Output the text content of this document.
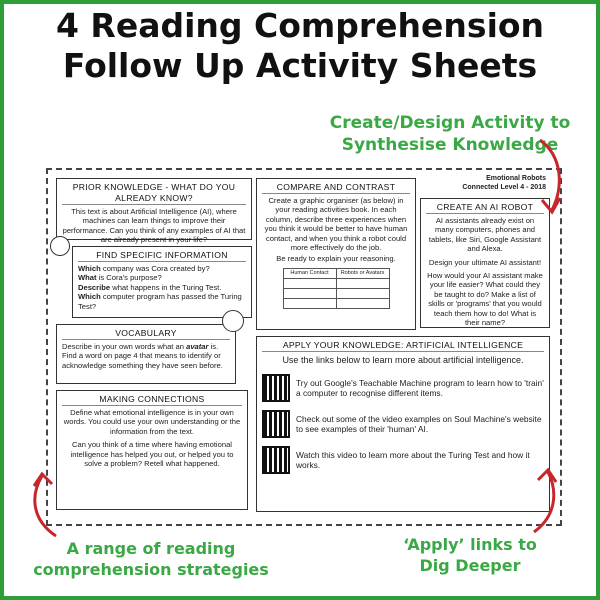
4 Reading Comprehension
Follow Up Activity Sheets
Create/Design Activity to
Synthesise Knowledge
Emotional Robots
Connected Level 4 - 2018
PRIOR KNOWLEDGE - WHAT DO YOU ALREADY KNOW?

This text is about Artificial Intelligence (AI), where machines can learn things to improve their performance. Can you think of any examples of AI that are already present in your life?

FIND SPECIFIC INFORMATION
Which company was Cora created by?
What is Cora's purpose?
Describe what happens in the Turing Test.
Which computer program has passed the Turing Test?
VOCABULARY
Describe in your own words what an avatar is. Find a word on page 4 that means to identify or acknowledge something they have seen before.
MAKING CONNECTIONS

Define what emotional intelligence is in your own words. You could use your own understanding or the information from the text.

Can you think of a time where having emotional intelligence has helped you out, or helped you to solve a problem? Retell what happened.

COMPARE AND CONTRAST

Create a graphic organiser (as below) in your reading activities book. In each column, describe three experiences when you think it would be better to have human contact, and when you think a robot could more effectively do the job.

Be ready to explain your reasoning.

Human Contact	Robots or Avatars

CREATE AN AI ROBOT

AI assistants already exist on many computers, phones and tablets, like Siri, Google Assistant and Alexa.

Design your ultimate AI assistant!

How would your AI assistant make your life easier? What could they be taught to do? Make a list of skills or 'programs' that you would teach them how to do! What is their name?

APPLY YOUR KNOWLEDGE: ARTIFICIAL INTELLIGENCE

Use the links below to learn more about artificial intelligence.

Try out Google's Teachable Machine program to learn how to 'train' a computer to recognise different items.
Check out some of the video examples on Soul Machine's website to see examples of their 'human' AI.
Watch this video to learn more about the Turing Test and how it works.
A range of reading
comprehension strategies
‘Apply’ links to
Dig Deeper
